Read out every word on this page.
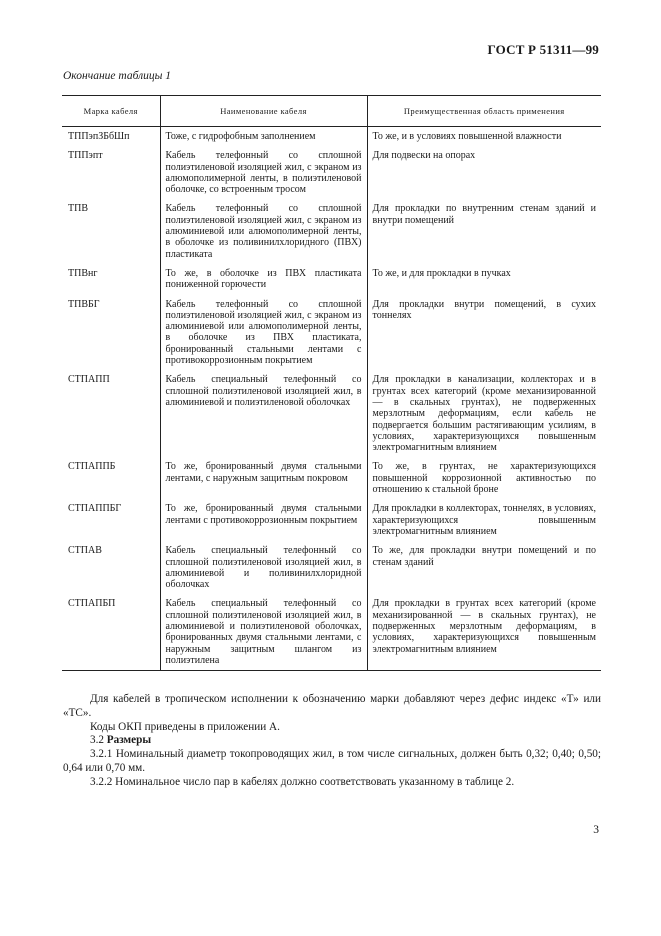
ГОСТ Р 51311—99
Окончание таблицы 1
Марка кабеля	Наименование кабеля	Преимущественная область применения
ТППэпЗБбШп	Тоже, с гидрофобным заполнением	То же, и в условиях повышенной влажности
ТППэпт	Кабель телефонный со сплошной полиэтиленовой изоляцией жил, с экраном из алюмополимерной ленты, в полиэтиленовой оболочке, со встроенным тросом	Для подвески на опорах
ТПВ	Кабель телефонный со сплошной полиэтиленовой изоляцией жил, с экраном из алюминиевой или алюмополимерной ленты, в оболочке из поливинилхлоридного (ПВХ) пластиката	Для прокладки по внутренним стенам зданий и внутри помещений
ТПВнг	То же, в оболочке из ПВХ пластиката пониженной горючести	То же, и для прокладки в пучках
ТПВБГ	Кабель телефонный со сплошной полиэтиленовой изоляцией жил, с экраном из алюминиевой или алюмополимерной ленты, в оболочке из ПВХ пластиката, бронированный стальными лентами с противокоррозионным покрытием	Для прокладки внутри помещений, в сухих тоннелях
СТПАПП	Кабель специальный телефонный со сплошной полиэтиленовой изоляцией жил, в алюминиевой и полиэтиленовой оболочках	Для прокладки в канализации, коллекторах и в грунтах всех категорий (кроме механизированной — в скальных грунтах), не подверженных мерзлотным деформациям, если кабель не подвергается большим растягивающим усилиям, в условиях, характеризующихся повышенным электромагнитным влиянием
СТПАППБ	То же, бронированный двумя стальными лентами, с наружным защитным покровом	То же, в грунтах, не характеризующихся повышенной коррозионной активностью по отношению к стальной броне
СТПАППБГ	То же, бронированный двумя стальными лентами с противокоррозионным покрытием	Для прокладки в коллекторах, тоннелях, в условиях, характеризующихся повышенным электромагнитным влиянием
СТПАВ	Кабель специальный телефонный со сплошной полиэтиленовой изоляцией жил, в алюминиевой и поливинилхлоридной оболочках	То же, для прокладки внутри помещений и по стенам зданий
СТПАПБП	Кабель специальный телефонный со сплошной полиэтиленовой изоляцией жил, в алюминиевой и полиэтиленовой оболочках, бронированных двумя стальными лентами, с наружным защитным шлангом из полиэтилена	Для прокладки в грунтах всех категорий (кроме механизированной — в скальных грунтах), не подверженных мерзлотным деформациям, в условиях, характеризующихся повышенным электромагнитным влиянием

Для кабелей в тропическом исполнении к обозначению марки добавляют через дефис индекс «Т» или «ТС».

Коды ОКП приведены в приложении А.

3.2 Размеры

3.2.1 Номинальный диаметр токопроводящих жил, в том числе сигнальных, должен быть 0,32; 0,40; 0,50; 0,64 или 0,70 мм.

3.2.2 Номинальное число пар в кабелях должно соответствовать указанному в таблице 2.

3
